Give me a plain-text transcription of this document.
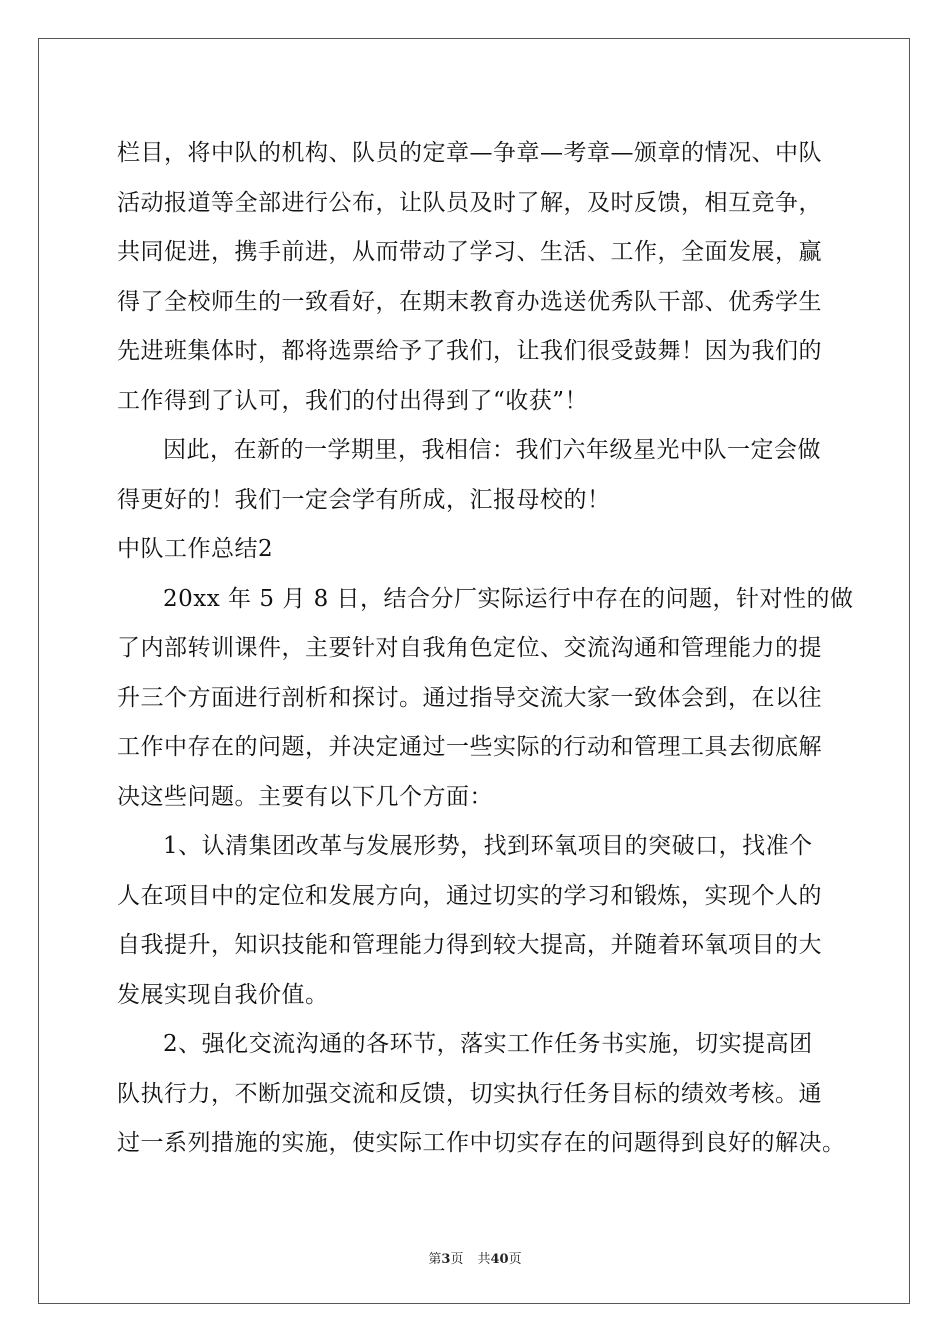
栏目，将中队的机构、队员的定章—争章—考章—颁章的情况、中队
活动报道等全部进行公布，让队员及时了解，及时反馈，相互竞争，
共同促进，携手前进，从而带动了学习、生活、工作，全面发展，赢
得了全校师生的一致看好，在期末教育办选送优秀队干部、优秀学生
先进班集体时，都将选票给予了我们，让我们很受鼓舞！因为我们的
工作得到了认可，我们的付出得到了“收获”！
因此，在新的一学期里，我相信：我们六年级星光中队一定会做
得更好的！我们一定会学有所成，汇报母校的！
中队工作总结2
20xx 年 5 月 8 日，结合分厂实际运行中存在的问题，针对性的做
了内部转训课件，主要针对自我角色定位、交流沟通和管理能力的提
升三个方面进行剖析和探讨。通过指导交流大家一致体会到，在以往
工作中存在的问题，并决定通过一些实际的行动和管理工具去彻底解
决这些问题。主要有以下几个方面：
1、认清集团改革与发展形势，找到环氧项目的突破口，找准个
人在项目中的定位和发展方向，通过切实的学习和锻炼，实现个人的
自我提升，知识技能和管理能力得到较大提高，并随着环氧项目的大
发展实现自我价值。
2、强化交流沟通的各环节，落实工作任务书实施，切实提高团
队执行力，不断加强交流和反馈，切实执行任务目标的绩效考核。通
过一系列措施的实施，使实际工作中切实存在的问题得到良好的解决。
第3页 共40页
